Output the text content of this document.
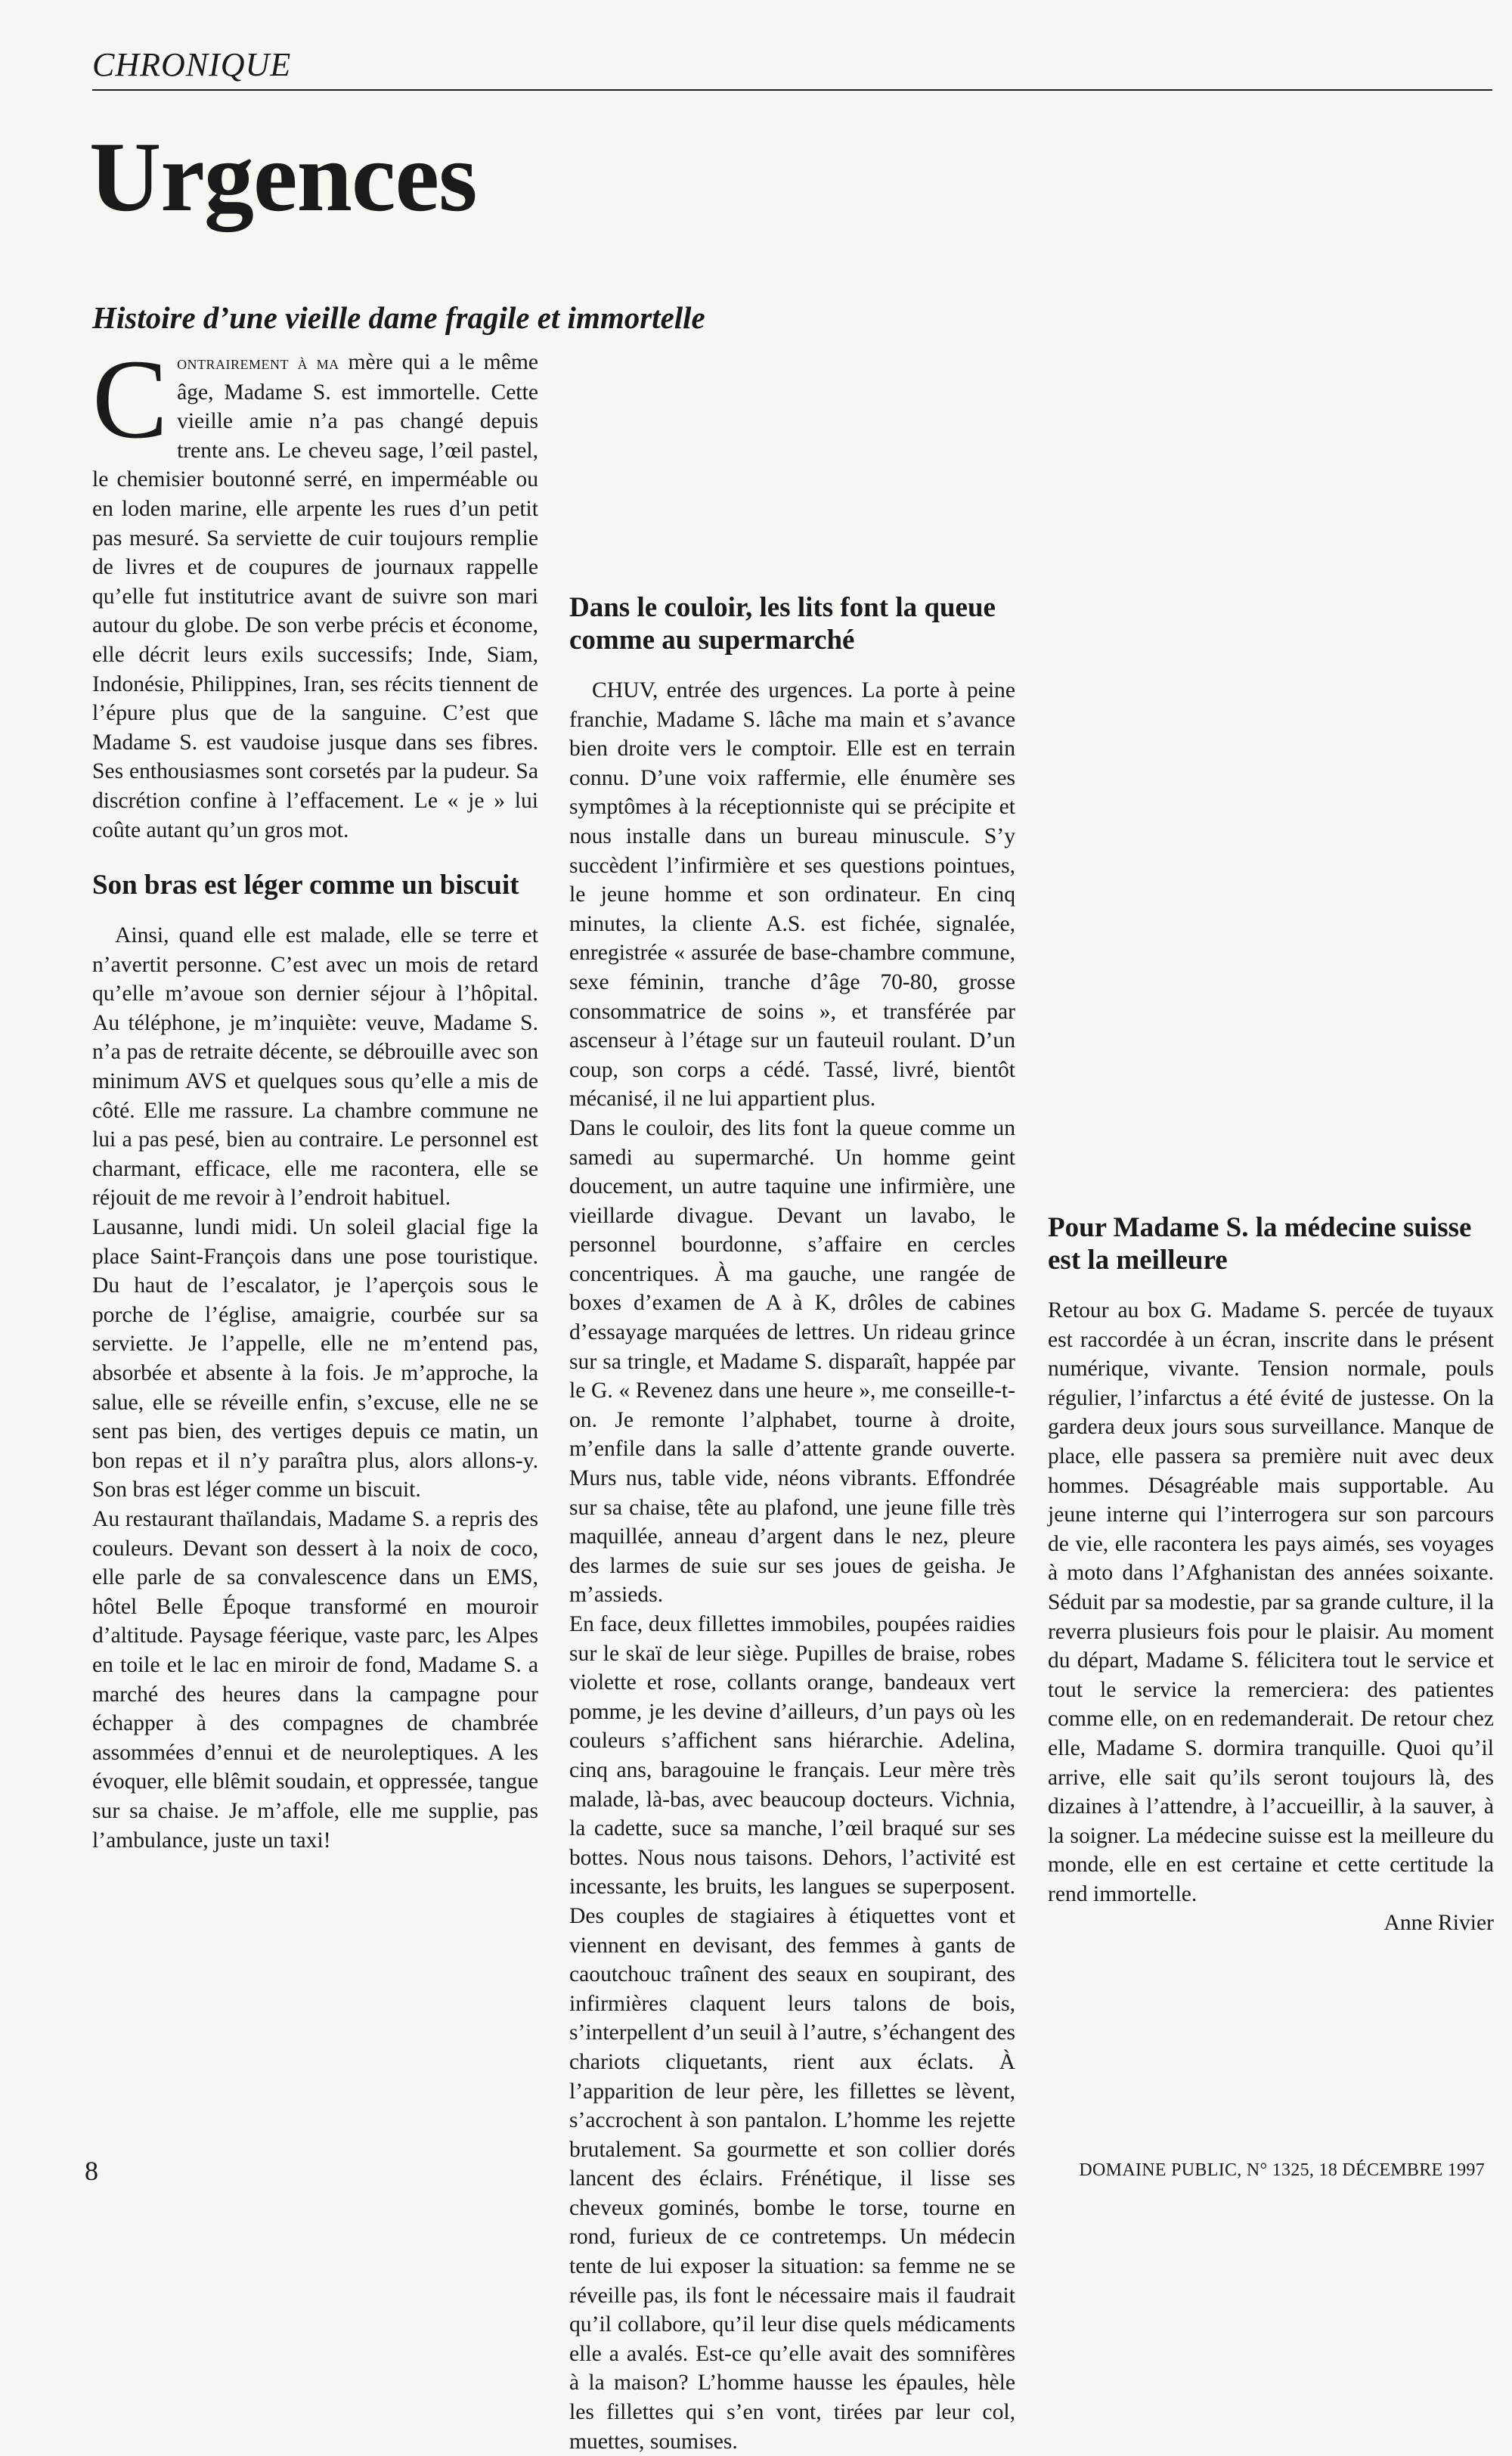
CHRONIQUE
Urgences
Histoire d’une vieille dame fragile et immortelle

Contrairement à ma mère qui a le même âge, Madame S. est immortelle. Cette vieille amie n’a pas changé depuis trente ans. Le cheveu sage, l’œil pastel, le chemisier boutonné serré, en imperméable ou en loden marine, elle arpente les rues d’un petit pas mesuré. Sa serviette de cuir toujours remplie de livres et de coupures de journaux rappelle qu’elle fut institutrice avant de suivre son mari autour du globe. De son verbe précis et économe, elle décrit leurs exils successifs; Inde, Siam, Indonésie, Philippines, Iran, ses récits tiennent de l’épure plus que de la sanguine. C’est que Madame S. est vaudoise jusque dans ses fibres. Ses enthousiasmes sont corsetés par la pudeur. Sa discrétion confine à l’effacement. Le « je » lui coûte autant qu’un gros mot.

Son bras est léger comme un biscuit

Ainsi, quand elle est malade, elle se terre et n’avertit personne. C’est avec un mois de retard qu’elle m’avoue son dernier séjour à l’hôpital. Au téléphone, je m’inquiète: veuve, Madame S. n’a pas de retraite décente, se débrouille avec son minimum AVS et quelques sous qu’elle a mis de côté. Elle me rassure. La chambre commune ne lui a pas pesé, bien au contraire. Le personnel est charmant, efficace, elle me racontera, elle se réjouit de me revoir à l’endroit habituel.

Lausanne, lundi midi. Un soleil glacial fige la place Saint-François dans une pose touristique. Du haut de l’escalator, je l’aperçois sous le porche de l’église, amaigrie, courbée sur sa serviette. Je l’appelle, elle ne m’entend pas, absorbée et absente à la fois. Je m’approche, la salue, elle se réveille enfin, s’excuse, elle ne se sent pas bien, des vertiges depuis ce matin, un bon repas et il n’y paraîtra plus, alors allons-y. Son bras est léger comme un biscuit.

Au restaurant thaïlandais, Madame S. a repris des couleurs. Devant son dessert à la noix de coco, elle parle de sa convalescence dans un EMS, hôtel Belle Époque transformé en mouroir d’altitude. Paysage féerique, vaste parc, les Alpes en toile et le lac en miroir de fond, Madame S. a marché des heures dans la campagne pour échapper à des compagnes de chambrée assommées d’ennui et de neuroleptiques. A les évoquer, elle blêmit soudain, et oppressée, tangue sur sa chaise. Je m’affole, elle me supplie, pas l’ambulance, juste un taxi!

Dans le couloir, les lits font la queue comme au supermarché

CHUV, entrée des urgences. La porte à peine franchie, Madame S. lâche ma main et s’avance bien droite vers le comptoir. Elle est en terrain connu. D’une voix raffermie, elle énumère ses symptômes à la réceptionniste qui se précipite et nous installe dans un bureau minuscule. S’y succèdent l’infirmière et ses questions pointues, le jeune homme et son ordinateur. En cinq minutes, la cliente A.S. est fichée, signalée, enregistrée « assurée de base-chambre commune, sexe féminin, tranche d’âge 70-80, grosse consommatrice de soins », et transférée par ascenseur à l’étage sur un fauteuil roulant. D’un coup, son corps a cédé. Tassé, livré, bientôt mécanisé, il ne lui appartient plus.

Dans le couloir, des lits font la queue comme un samedi au supermarché. Un homme geint doucement, un autre taquine une infirmière, une vieillarde divague. Devant un lavabo, le personnel bourdonne, s’affaire en cercles concentriques. À ma gauche, une rangée de boxes d’examen de A à K, drôles de cabines d’essayage marquées de lettres. Un rideau grince sur sa tringle, et Madame S. disparaît, happée par le G. « Revenez dans une heure », me conseille-t-on. Je remonte l’alphabet, tourne à droite, m’enfile dans la salle d’attente grande ouverte. Murs nus, table vide, néons vibrants. Effondrée sur sa chaise, tête au plafond, une jeune fille très maquillée, anneau d’argent dans le nez, pleure des larmes de suie sur ses joues de geisha. Je m’assieds.

En face, deux fillettes immobiles, poupées raidies sur le skaï de leur siège. Pupilles de braise, robes violette et rose, collants orange, bandeaux vert pomme, je les devine d’ailleurs, d’un pays où les couleurs s’affichent sans hiérarchie. Adelina, cinq ans, baragouine le français. Leur mère très malade, là-bas, avec beaucoup docteurs. Vichnia, la cadette, suce sa manche, l’œil braqué sur ses bottes. Nous nous taisons. Dehors, l’activité est incessante, les bruits, les langues se superposent. Des couples de stagiaires à étiquettes vont et viennent en devisant, des femmes à gants de caoutchouc traînent des seaux en soupirant, des infirmières claquent leurs talons de bois, s’interpellent d’un seuil à l’autre, s’échangent des chariots cliquetants, rient aux éclats. À l’apparition de leur père, les fillettes se lèvent, s’accrochent à son pantalon. L’homme les rejette brutalement. Sa gourmette et son collier dorés lancent des éclairs. Frénétique, il lisse ses cheveux gominés, bombe le torse, tourne en rond, furieux de ce contretemps. Un médecin tente de lui exposer la situation: sa femme ne se réveille pas, ils font le nécessaire mais il faudrait qu’il collabore, qu’il leur dise quels médicaments elle a avalés. Est-ce qu’elle avait des somnifères à la maison? L’homme hausse les épaules, hèle les fillettes qui s’en vont, tirées par leur col, muettes, soumises.

Pour Madame S. la médecine suisse est la meilleure

Retour au box G. Madame S. percée de tuyaux est raccordée à un écran, inscrite dans le présent numérique, vivante. Tension normale, pouls régulier, l’infarctus a été évité de justesse. On la gardera deux jours sous surveillance. Manque de place, elle passera sa première nuit avec deux hommes. Désagréable mais supportable. Au jeune interne qui l’interrogera sur son parcours de vie, elle racontera les pays aimés, ses voyages à moto dans l’Afghanistan des années soixante. Séduit par sa modestie, par sa grande culture, il la reverra plusieurs fois pour le plaisir. Au moment du départ, Madame S. félicitera tout le service et tout le service la remerciera: des patientes comme elle, on en redemanderait. De retour chez elle, Madame S. dormira tranquille. Quoi qu’il arrive, elle sait qu’ils seront toujours là, des dizaines à l’attendre, à l’accueillir, à la sauver, à la soigner. La médecine suisse est la meilleure du monde, elle en est certaine et cette certitude la rend immortelle.

Anne Rivier

8	DOMAINE PUBLIC, N° 1325, 18 DÉCEMBRE 1997
